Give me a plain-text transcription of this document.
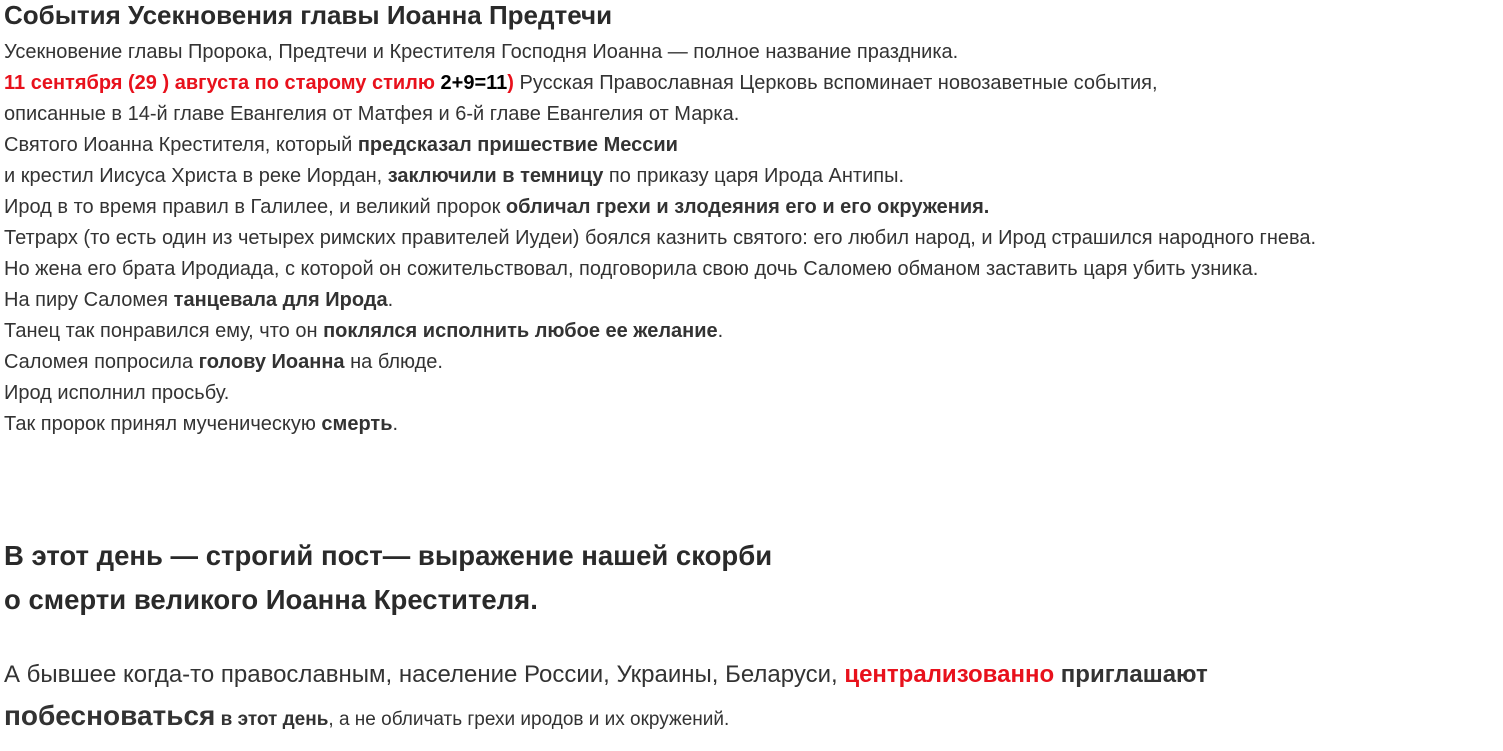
События Усекновения главы Иоанна Предтечи
Усекновение главы Пророка, Предтечи и Крестителя Господня Иоанна — полное название праздника.
11 сентября (29 ) августа по старому стилю 2+9=11) Русская Православная Церковь вспоминает новозаветные события,
описанные в 14-й главе Евангелия от Матфея и 6-й главе Евангелия от Марка.
Святого Иоанна Крестителя, который предсказал пришествие Мессии
и крестил Иисуса Христа в реке Иордан, заключили в темницу по приказу царя Ирода Антипы.
Ирод в то время правил в Галилее, и великий пророк обличал грехи и злодеяния его и его окружения.
Тетрарх (то есть один из четырех римских правителей Иудеи) боялся казнить святого: его любил народ, и Ирод страшился народного гнева.
Но жена его брата Иродиада, с которой он сожительствовал, подговорила свою дочь Саломею обманом заставить царя убить узника.
На пиру Саломея танцевала для Ирода.
Танец так понравился ему, что он поклялся исполнить любое ее желание.
Саломея попросила голову Иоанна на блюде.
Ирод исполнил просьбу.
Так пророк принял мученическую смерть.
В этот день — строгий пост— выражение нашей скорби
о смерти великого Иоанна Крестителя.
А бывшее когда-то православным, население России, Украины, Беларуси, централизованно приглашают
побесноваться в этот день, а не обличать грехи иродов и их окружений.
